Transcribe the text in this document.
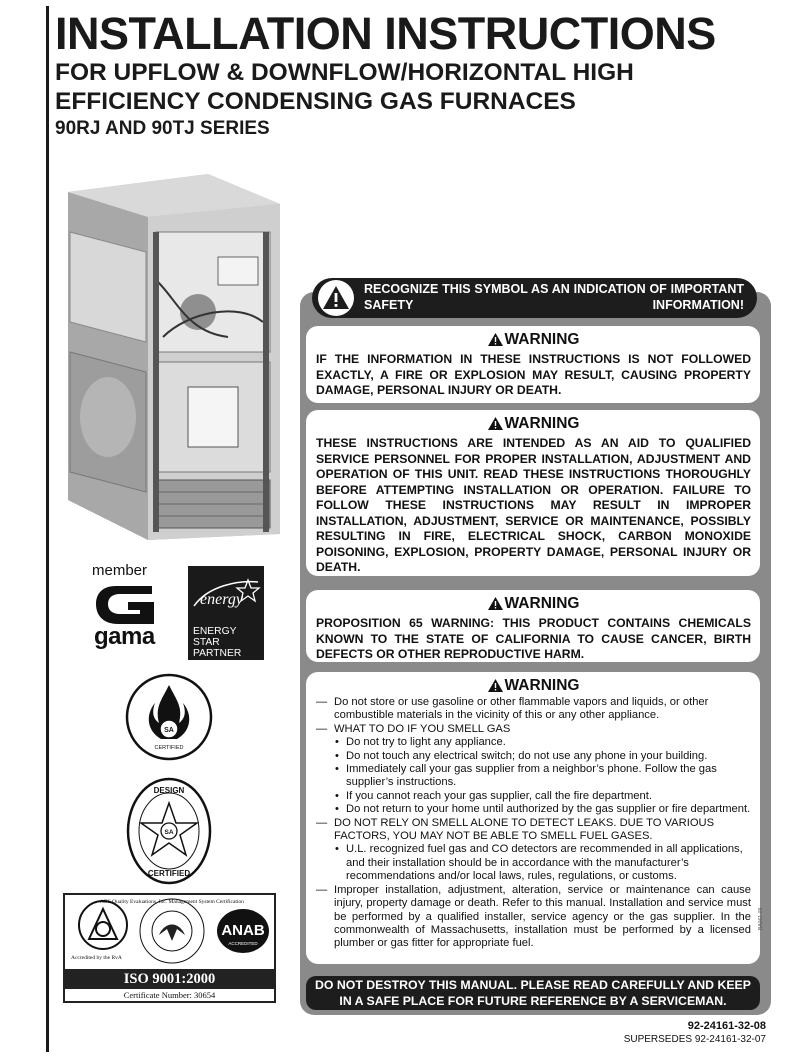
INSTALLATION INSTRUCTIONS
FOR UPFLOW & DOWNFLOW/HORIZONTAL HIGH
EFFICIENCY CONDENSING GAS FURNACES
90RJ AND 90TJ SERIES

RECOGNIZE THIS SYMBOL AS AN INDICATION OF IMPORTANT SAFETY INFORMATION!

WARNING

IF THE INFORMATION IN THESE INSTRUCTIONS IS NOT FOLLOWED EXACTLY, A FIRE OR EXPLOSION MAY RESULT, CAUSING PROPERTY DAMAGE, PERSONAL INJURY OR DEATH.

WARNING

THESE INSTRUCTIONS ARE INTENDED AS AN AID TO QUALIFIED SERVICE PERSONNEL FOR PROPER INSTALLATION, ADJUSTMENT AND OPERATION OF THIS UNIT. READ THESE INSTRUCTIONS THOROUGHLY BEFORE ATTEMPTING INSTALLATION OR OPERATION. FAILURE TO FOLLOW THESE INSTRUCTIONS MAY RESULT IN IMPROPER INSTALLATION, ADJUSTMENT, SERVICE OR MAINTENANCE, POSSIBLY RESULTING IN FIRE, ELECTRICAL SHOCK, CARBON MONOXIDE POISONING, EXPLOSION, PROPERTY DAMAGE, PERSONAL INJURY OR DEATH.

WARNING

PROPOSITION 65 WARNING: THIS PRODUCT CONTAINS CHEMICALS KNOWN TO THE STATE OF CALIFORNIA TO CAUSE CANCER, BIRTH DEFECTS OR OTHER REPRODUCTIVE HARM.

WARNING

— Do not store or use gasoline or other flammable vapors and liquids, or other combustible materials in the vicinity of this or any other appliance.
— WHAT TO DO IF YOU SMELL GAS
• Do not try to light any appliance.
• Do not touch any electrical switch; do not use any phone in your building.
• Immediately call your gas supplier from a neighbor’s phone. Follow the gas supplier’s instructions.
• If you cannot reach your gas supplier, call the fire department.
• Do not return to your home until authorized by the gas supplier or fire department.
— DO NOT RELY ON SMELL ALONE TO DETECT LEAKS. DUE TO VARIOUS FACTORS, YOU MAY NOT BE ABLE TO SMELL FUEL GASES.
• U.L. recognized fuel gas and CO detectors are recommended in all applications, and their installation should be in accordance with the manufacturer’s recommendations and/or local laws, rules, regulations, or customs.
— Improper installation, adjustment, alteration, service or maintenance can cause injury, property damage or death. Refer to this manual. Installation and service must be performed by a qualified installer, service agency or the gas supplier. In the commonwealth of Massachusetts, installation must be performed by a licensed plumber or gas fitter for appropriate fuel.
BA061-09

DO NOT DESTROY THIS MANUAL. PLEASE READ CAREFULLY AND KEEP

IN A SAFE PLACE FOR FUTURE REFERENCE BY A SERVICEMAN.

92-24161-32-08
SUPERSEDES 92-24161-32-07
member
gama
energy
ENERGY STAR
PARTNER
SA
CERTIFIED
SA
DESIGN
CERTIFIED
ABS Quality Evaluations, Inc. Management System Certification
ANAB
ACCREDITED
Accredited by the RvA
ISO 9001:2000
Certificate Number: 30654
